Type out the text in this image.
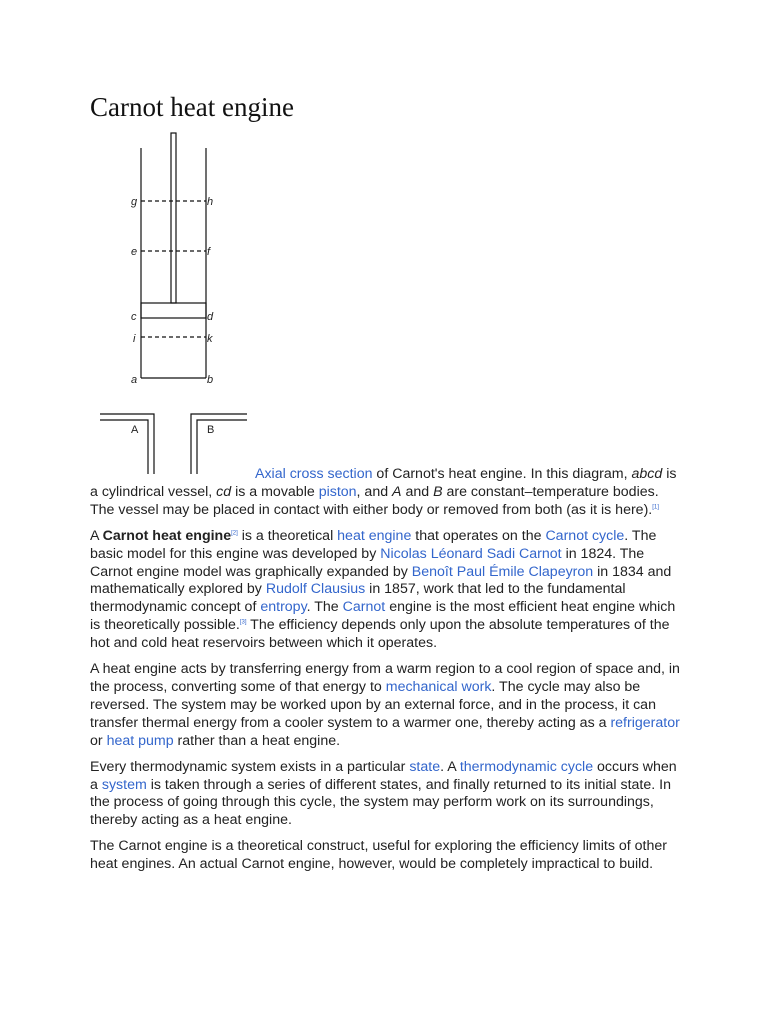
Carnot heat engine
g	h
e	f
c	d
i	k
a	b
A	B

Axial cross section of Carnot's heat engine. In this diagram, abcd is a cylindrical vessel, cd is a movable piston, and A and B are constant–temperature bodies. The vessel may be placed in contact with either body or removed from both (as it is here).[1]

A Carnot heat engine[2] is a theoretical heat engine that operates on the Carnot cycle. The basic model for this engine was developed by Nicolas Léonard Sadi Carnot in 1824. The Carnot engine model was graphically expanded by Benoît Paul Émile Clapeyron in 1834 and mathematically explored by Rudolf Clausius in 1857, work that led to the fundamental thermodynamic concept of entropy. The Carnot engine is the most efficient heat engine which is theoretically possible.[3] The efficiency depends only upon the absolute temperatures of the hot and cold heat reservoirs between which it operates.

A heat engine acts by transferring energy from a warm region to a cool region of space and, in the process, converting some of that energy to mechanical work. The cycle may also be reversed. The system may be worked upon by an external force, and in the process, it can transfer thermal energy from a cooler system to a warmer one, thereby acting as a refrigerator or heat pump rather than a heat engine.

Every thermodynamic system exists in a particular state. A thermodynamic cycle occurs when a system is taken through a series of different states, and finally returned to its initial state. In the process of going through this cycle, the system may perform work on its surroundings, thereby acting as a heat engine.

The Carnot engine is a theoretical construct, useful for exploring the efficiency limits of other heat engines. An actual Carnot engine, however, would be completely impractical to build.
